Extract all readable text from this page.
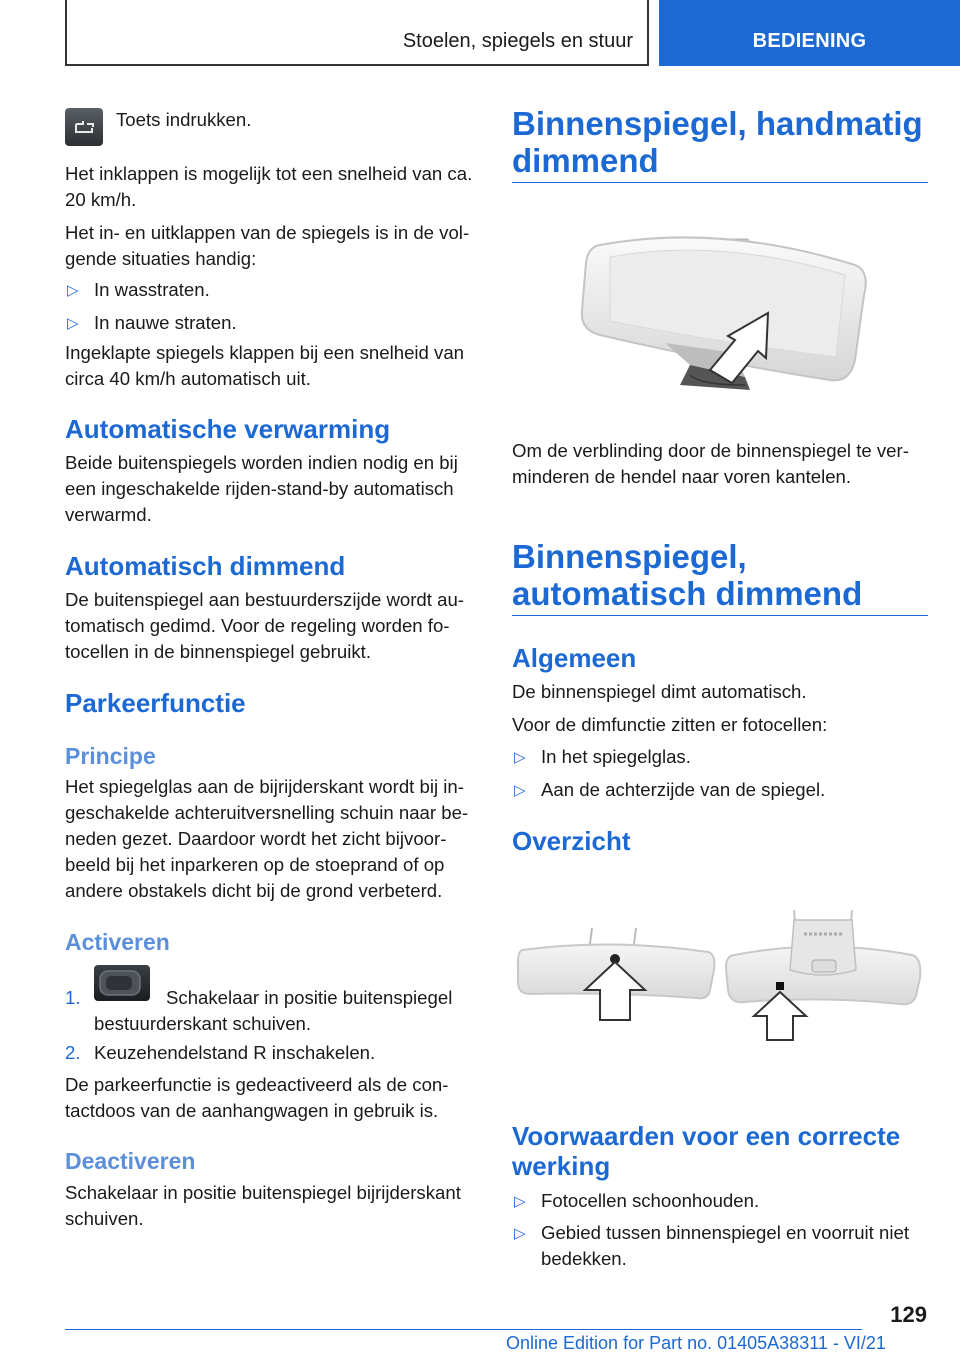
Stoelen, spiegels en stuur	BEDIENING

Toets indrukken.

Het inklappen is mogelijk tot een snelheid van ca. 20 km/h.

Het in- en uitklappen van de spiegels is in de volgende situaties handig:

▷ In wasstraten.
▷ In nauwe straten.

Ingeklapte spiegels klappen bij een snelheid van circa 40 km/h automatisch uit.

Automatische verwarming

Beide buitenspiegels worden indien nodig en bij een ingeschakelde rijden-stand-by automatisch verwarmd.

Automatisch dimmend

De buitenspiegel aan bestuurderszijde wordt automatisch gedimd. Voor de regeling worden fotocellen in de binnenspiegel gebruikt.

Parkeerfunctie
Principe

Het spiegelglas aan de bijrijderskant wordt bij ingeschakelde achteruitversnelling schuin naar beneden gezet. Daardoor wordt het zicht bijvoorbeeld bij het inparkeren op de stoeprand of op andere obstakels dicht bij de grond verbeterd.

Activeren
1.	Schakelaar in positie buitenspiegel bestuurderskant schuiven.
2. Keuzehendelstand R inschakelen.

De parkeerfunctie is gedeactiveerd als de contactdoos van de aanhangwagen in gebruik is.

Deactiveren

Schakelaar in positie buitenspiegel bijrijderskant schuiven.

Binnenspiegel, handmatig dimmend

Om de verblinding door de binnenspiegel te verminderen de hendel naar voren kantelen.

Binnenspiegel, automatisch dimmend
Algemeen

De binnenspiegel dimt automatisch.

Voor de dimfunctie zitten er fotocellen:

▷ In het spiegelglas.
▷ Aan de achterzijde van de spiegel.
Overzicht
Voorwaarden voor een correcte werking
▷ Fotocellen schoonhouden.
▷ Gebied tussen binnenspiegel en voorruit niet bedekken.
129
Online Edition for Part no. 01405A38311 - VI/21
